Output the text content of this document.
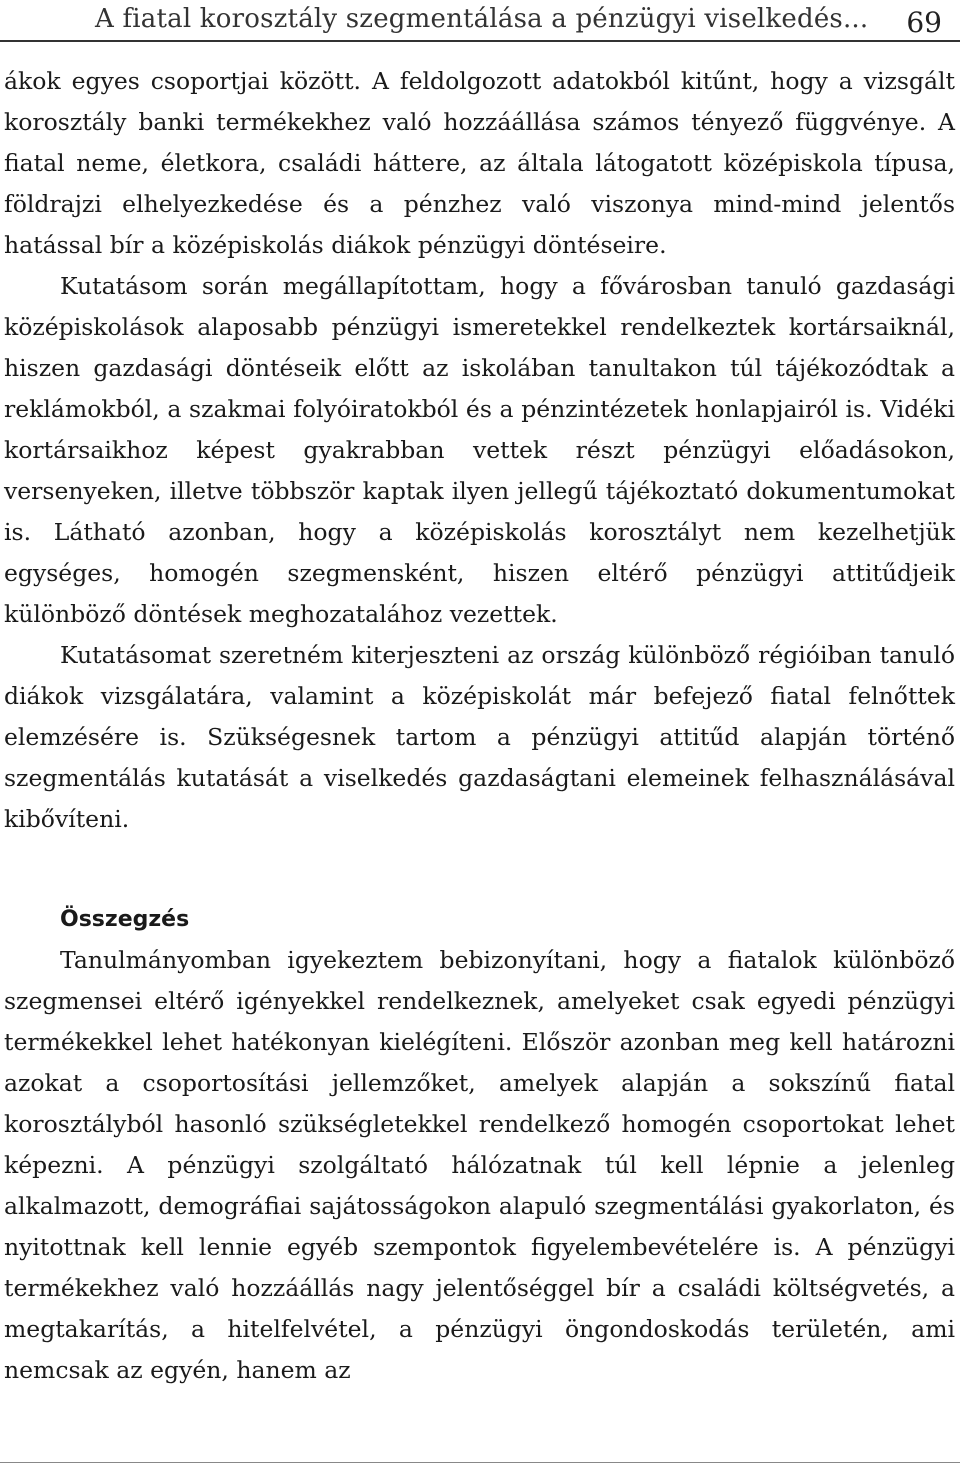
A fiatal korosztály szegmentálása a pénzügyi viselkedés... 69

ákok egyes csoportjai között. A feldolgozott adatokból kitűnt, hogy a vizsgált korosztály banki termékekhez való hozzáállása számos tényező függvénye. A fiatal neme, életkora, családi háttere, az általa látogatott középiskola típusa, földrajzi elhelyezkedése és a pénzhez való viszonya mind-mind jelentős hatással bír a középiskolás diákok pénzügyi döntéseire.

Kutatásom során megállapítottam, hogy a fővárosban tanuló gazdasági középiskolások alaposabb pénzügyi ismeretekkel rendelkeztek kortársaiknál, hiszen gazdasági döntéseik előtt az iskolában tanultakon túl tájékozódtak a reklámokból, a szakmai folyóiratokból és a pénzintézetek honlapjairól is. Vidéki kortársaikhoz képest gyakrabban vettek részt pénzügyi előadásokon, versenyeken, illetve többször kaptak ilyen jellegű tájékoztató dokumentumokat is. Látható azonban, hogy a középiskolás korosztályt nem kezelhetjük egységes, homogén szegmensként, hiszen eltérő pénzügyi attitűdjeik különböző döntések meghozatalához vezettek.

Kutatásomat szeretném kiterjeszteni az ország különböző régióiban tanuló diákok vizsgálatára, valamint a középiskolát már befejező fiatal felnőttek elemzésére is. Szükségesnek tartom a pénzügyi attitűd alapján történő szegmentálás kutatását a viselkedés gazdaságtani elemeinek felhasználásával kibővíteni.

Összegzés

Tanulmányomban igyekeztem bebizonyítani, hogy a fiatalok különböző szegmensei eltérő igényekkel rendelkeznek, amelyeket csak egyedi pénzügyi termékekkel lehet hatékonyan kielégíteni. Először azonban meg kell határozni azokat a csoportosítási jellemzőket, amelyek alapján a sokszínű fiatal korosztályból hasonló szükségletekkel rendelkező homogén csoportokat lehet képezni. A pénzügyi szolgáltató hálózatnak túl kell lépnie a jelenleg alkalmazott, demográfiai sajátosságokon alapuló szegmentálási gyakorlaton, és nyitottnak kell lennie egyéb szempontok figyelembevételére is. A pénzügyi termékekhez való hozzáállás nagy jelentőséggel bír a családi költségvetés, a megtakarítás, a hitelfelvétel, a pénzügyi öngondoskodás területén, ami nemcsak az egyén, hanem az
